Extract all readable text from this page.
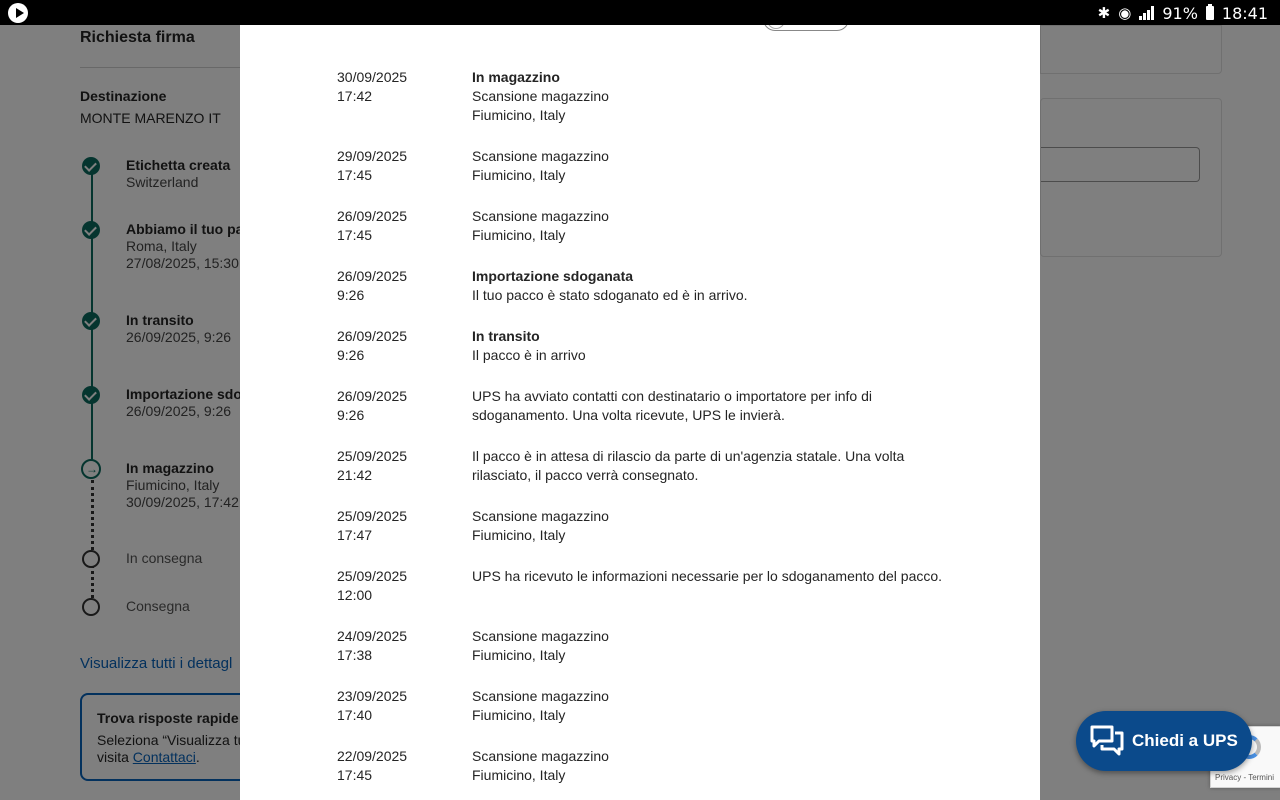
✱ ◉ 91% 18:41
→

30/09/2025
17:42
In magazzino
Scansione magazzino
Fiumicino, Italy
29/09/2025
17:45
Scansione magazzino
Fiumicino, Italy
26/09/2025
17:45
Scansione magazzino
Fiumicino, Italy
26/09/2025
9:26
Importazione sdoganata
Il tuo pacco è stato sdoganato ed è in arrivo.
26/09/2025
9:26
In transito
Il pacco è in arrivo
26/09/2025
9:26
UPS ha avviato contatti con destinatario o importatore per info di
sdoganamento. Una volta ricevute, UPS le invierà.
25/09/2025
21:42
Il pacco è in attesa di rilascio da parte di un'agenzia statale. Una volta
rilasciato, il pacco verrà consegnato.
25/09/2025
17:47
Scansione magazzino
Fiumicino, Italy
25/09/2025
12:00
UPS ha ricevuto le informazioni necessarie per lo sdoganamento del pacco.
24/09/2025
17:38
Scansione magazzino
Fiumicino, Italy
23/09/2025
17:40
Scansione magazzino
Fiumicino, Italy
22/09/2025
17:45
Scansione magazzino
Fiumicino, Italy
Chiedi a UPS
Privacy - Termini
